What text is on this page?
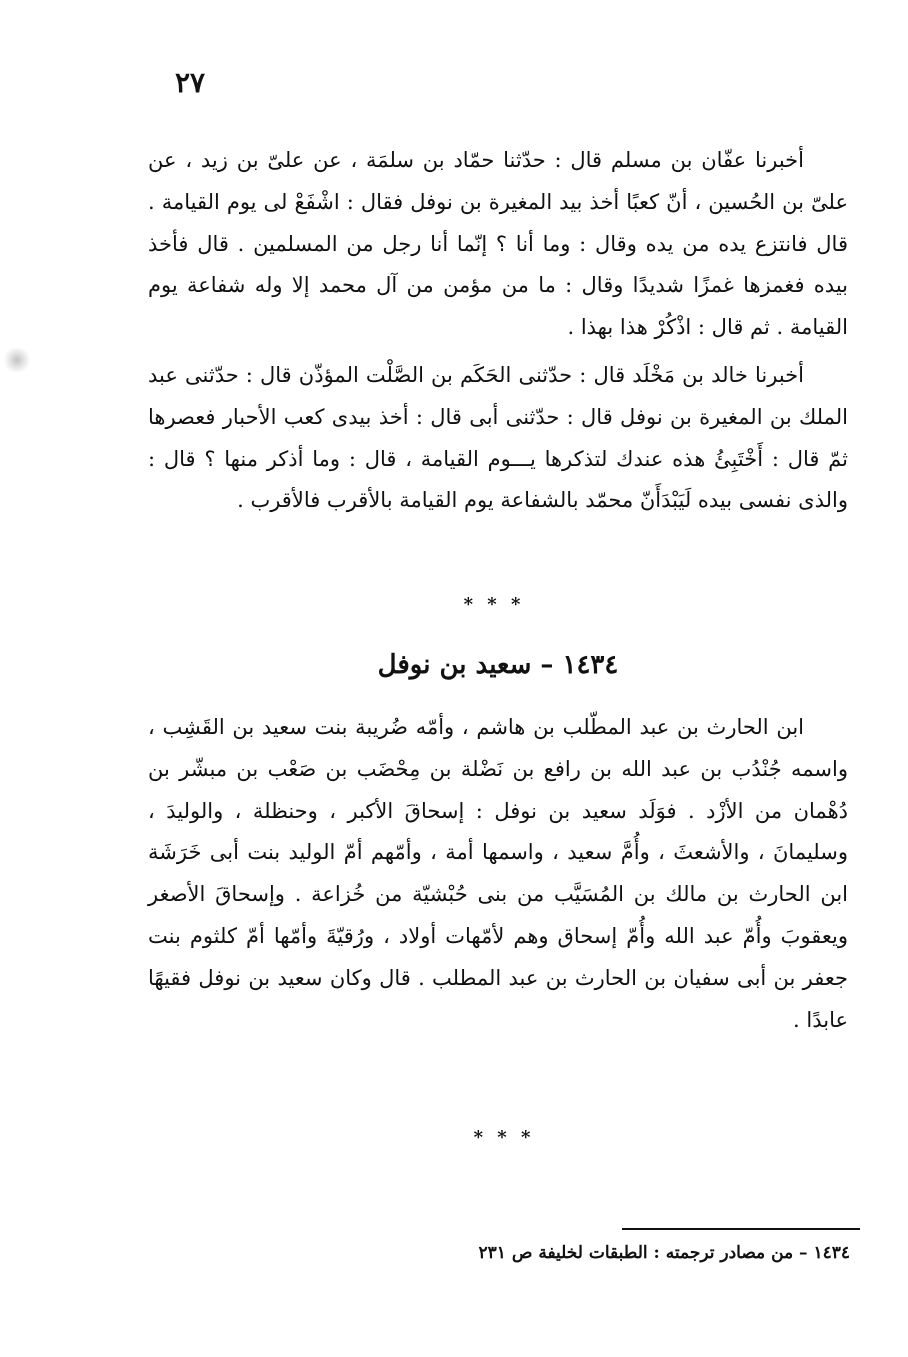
٢٧

أخبرنا عفّان بن مسلم قال : حدّثنا حمّاد بن سلمَة ، عن علىّ بن زيد ، عن علىّ بن الحُسين ، أنّ كعبًا أخذ بيد المغيرة بن نوفل فقال : اشْفَعْ لى يوم القيامة . قال فانتزع يده من يده وقال : وما أنا ؟ إنّما أنا رجل من المسلمين . قال فأخذ بيده فغمزها غمزًا شديدًا وقال : ما من مؤمن من آل محمد إلا وله شفاعة يوم القيامة . ثم قال : اذْكُرْ هذا بهذا .

أخبرنا خالد بن مَخْلَد قال : حدّثنى الحَكَم بن الصَّلْت المؤذّن قال : حدّثنى عبد الملك بن المغيرة بن نوفل قال : حدّثنى أبى قال : أخذ بيدى كعب الأحبار فعصرها ثمّ قال : أَخْتَبِئُ هذه عندك لتذكرها يـــوم القيامة ، قال : وما أذكر منها ؟ قال : والذى نفسى بيده لَيَبْدَأَنّ محمّد بالشفاعة يوم القيامة بالأقرب فالأقرب .

* * *
١٤٣٤ – سعيد بن نوفل

ابن الحارث بن عبد المطّلب بن هاشم ، وأمّه ضُريبة بنت سعيد بن القَشِب ، واسمه جُنْدُب بن عبد الله بن رافع بن نَضْلة بن مِحْضَب بن صَعْب بن مبشّر بن دُهْمان من الأزْد . فوَلَد سعيد بن نوفل : إسحاقَ الأكبر ، وحنظلة ، والوليدَ ، وسليمانَ ، والأشعثَ ، وأُمَّ سعيد ، واسمها أمة ، وأمّهم أمّ الوليد بنت أبى خَرَشَة ابن الحارث بن مالك بن المُسَيَّب من بنى حُبْشيّة من خُزاعة . وإسحاقَ الأصغر ويعقوبَ وأُمّ عبد الله وأُمّ إسحاق وهم لأمّهات أولاد ، ورُقيّةَ وأمّها أمّ كلثوم بنت جعفر بن أبى سفيان بن الحارث بن عبد المطلب . قال وكان سعيد بن نوفل فقيهًا عابدًا .

* * *
١٤٣٤ – من مصادر ترجمته : الطبقات لخليفة ص ٢٣١
